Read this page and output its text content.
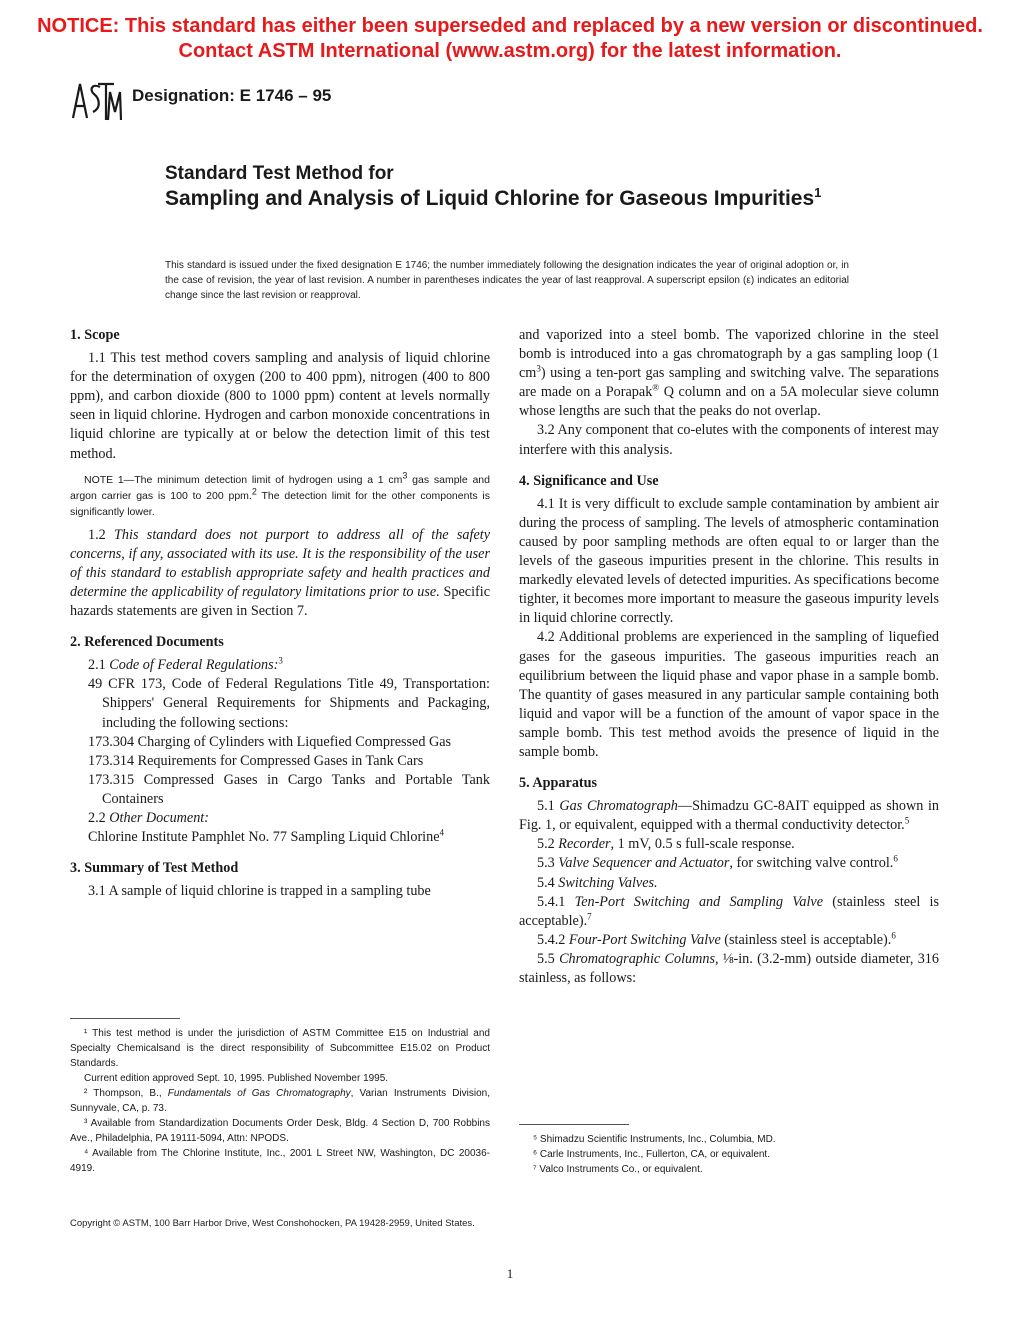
NOTICE: This standard has either been superseded and replaced by a new version or discontinued.
Contact ASTM International (www.astm.org) for the latest information.
Designation: E 1746 – 95
Standard Test Method for
Sampling and Analysis of Liquid Chlorine for Gaseous Impurities$^1$
This standard is issued under the fixed designation E 1746; the number immediately following the designation indicates the year of original adoption or, in the case of revision, the year of last revision. A number in parentheses indicates the year of last reapproval. A superscript epsilon (ε) indicates an editorial change since the last revision or reapproval.

1. Scope

1.1 This test method covers sampling and analysis of liquid chlorine for the determination of oxygen (200 to 400 ppm), nitrogen (400 to 800 ppm), and carbon dioxide (800 to 1000 ppm) content at levels normally seen in liquid chlorine. Hydrogen and carbon monoxide concentrations in liquid chlorine are typically at or below the detection limit of this test method.

NOTE 1—The minimum detection limit of hydrogen using a 1 $cm^3$ gas sample and argon carrier gas is 100 to 200 ppm.$^2$ The detection limit for the other components is significantly lower.

1.2 This standard does not purport to address all of the safety concerns, if any, associated with its use. It is the responsibility of the user of this standard to establish appropriate safety and health practices and determine the applicability of regulatory limitations prior to use. Specific hazards statements are given in Section 7.

2. Referenced Documents

2.1 Code of Federal Regulations:$^3$

49 CFR 173, Code of Federal Regulations Title 49, Transportation: Shippers' General Requirements for Shipments and Packaging, including the following sections:

173.304 Charging of Cylinders with Liquefied Compressed Gas

173.314 Requirements for Compressed Gases in Tank Cars

173.315 Compressed Gases in Cargo Tanks and Portable Tank Containers

2.2 Other Document:

Chlorine Institute Pamphlet No. 77 Sampling Liquid Chlorine$^4$

3. Summary of Test Method

3.1 A sample of liquid chlorine is trapped in a sampling tube

and vaporized into a steel bomb. The vaporized chlorine in the steel bomb is introduced into a gas chromatograph by a gas sampling loop (1 $cm^3$) using a ten-port gas sampling and switching valve. The separations are made on a Porapak® Q column and on a 5A molecular sieve column whose lengths are such that the peaks do not overlap.

3.2 Any component that co-elutes with the components of interest may interfere with this analysis.

4. Significance and Use

4.1 It is very difficult to exclude sample contamination by ambient air during the process of sampling. The levels of atmospheric contamination caused by poor sampling methods are often equal to or larger than the levels of the gaseous impurities present in the chlorine. This results in markedly elevated levels of detected impurities. As specifications become tighter, it becomes more important to measure the gaseous impurity levels in liquid chlorine correctly.

4.2 Additional problems are experienced in the sampling of liquefied gases for the gaseous impurities. The gaseous impurities reach an equilibrium between the liquid phase and vapor phase in a sample bomb. The quantity of gases measured in any particular sample containing both liquid and vapor will be a function of the amount of vapor space in the sample bomb. This test method avoids the presence of liquid in the sample bomb.

5. Apparatus

5.1 Gas Chromatograph—Shimadzu GC-8AIT equipped as shown in Fig. 1, or equivalent, equipped with a thermal conductivity detector.$^5$

5.2 Recorder, 1 mV, 0.5 s full-scale response.

5.3 Valve Sequencer and Actuator, for switching valve control.$^6$

5.4 Switching Valves.

5.4.1 Ten-Port Switching and Sampling Valve (stainless steel is acceptable).$^7$

5.4.2 Four-Port Switching Valve (stainless steel is acceptable).$^6$

5.5 Chromatographic Columns, ⅛-in. (3.2-mm) outside diameter, 316 stainless, as follows:

¹ This test method is under the jurisdiction of ASTM Committee E15 on Industrial and Specialty Chemicalsand is the direct responsibility of Subcommittee E15.02 on Product Standards.

Current edition approved Sept. 10, 1995. Published November 1995.

² Thompson, B., Fundamentals of Gas Chromatography, Varian Instruments Division, Sunnyvale, CA, p. 73.

³ Available from Standardization Documents Order Desk, Bldg. 4 Section D, 700 Robbins Ave., Philadelphia, PA 19111-5094, Attn: NPODS.

⁴ Available from The Chlorine Institute, Inc., 2001 L Street NW, Washington, DC 20036-4919.

⁵ Shimadzu Scientific Instruments, Inc., Columbia, MD.

⁶ Carle Instruments, Inc., Fullerton, CA, or equivalent.

⁷ Valco Instruments Co., or equivalent.

Copyright © ASTM, 100 Barr Harbor Drive, West Conshohocken, PA 19428-2959, United States.
1
